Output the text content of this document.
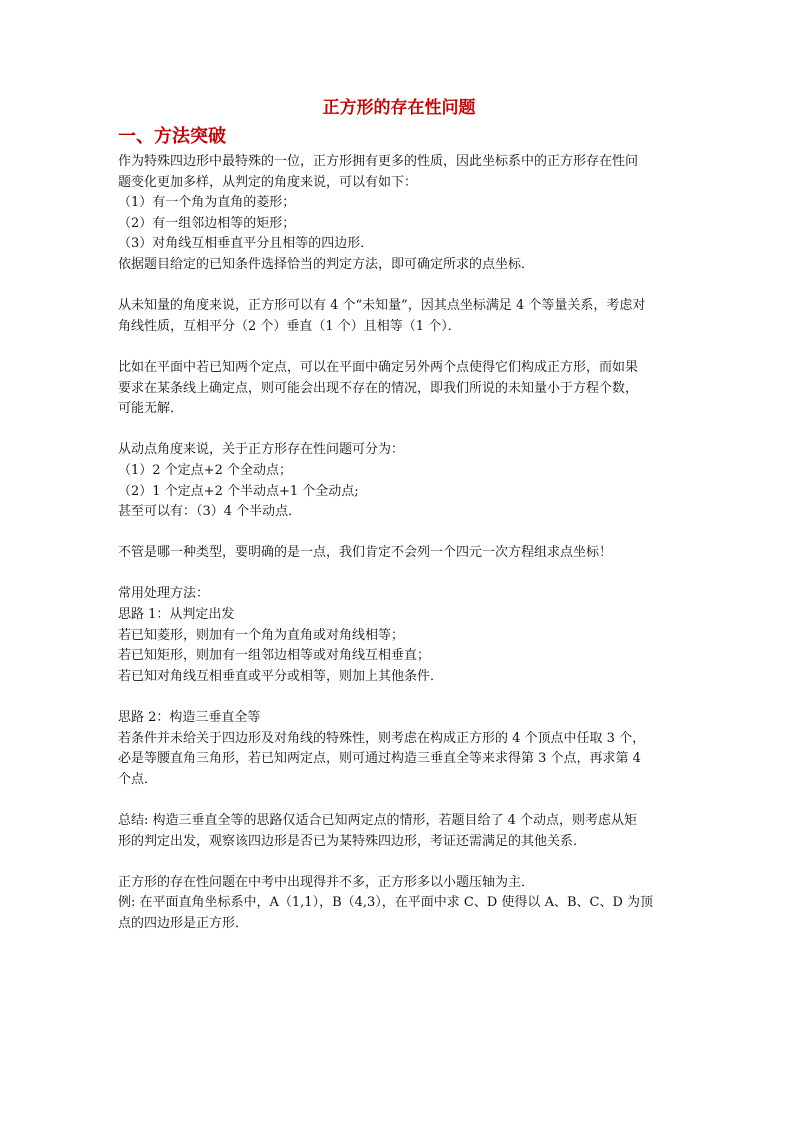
正方形的存在性问题
一、方法突破

作为特殊四边形中最特殊的一位，正方形拥有更多的性质，因此坐标系中的正方形存在性问
题变化更加多样，从判定的角度来说，可以有如下：
（1）有一个角为直角的菱形；
（2）有一组邻边相等的矩形；
（3）对角线互相垂直平分且相等的四边形．
依据题目给定的已知条件选择恰当的判定方法，即可确定所求的点坐标．

从未知量的角度来说，正方形可以有 4 个“未知量”，因其点坐标满足 4 个等量关系，考虑对
角线性质，互相平分（2 个）垂直（1 个）且相等（1 个）．

比如在平面中若已知两个定点，可以在平面中确定另外两个点使得它们构成正方形，而如果
要求在某条线上确定点，则可能会出现不存在的情况，即我们所说的未知量小于方程个数，
可能无解．

从动点角度来说，关于正方形存在性问题可分为：
（1）2 个定点+2 个全动点；
（2）1 个定点+2 个半动点+1 个全动点;
甚至可以有：（3）4 个半动点．

不管是哪一种类型，要明确的是一点，我们肯定不会列一个四元一次方程组求点坐标！

常用处理方法：
思路 1：从判定出发
若已知菱形，则加有一个角为直角或对角线相等；
若已知矩形，则加有一组邻边相等或对角线互相垂直；
若已知对角线互相垂直或平分或相等，则加上其他条件．

思路 2：构造三垂直全等
若条件并未给关于四边形及对角线的特殊性，则考虑在构成正方形的 4 个顶点中任取 3 个，
必是等腰直角三角形，若已知两定点，则可通过构造三垂直全等来求得第 3 个点，再求第 4
个点．

总结: 构造三垂直全等的思路仅适合已知两定点的情形，若题目给了 4 个动点，则考虑从矩
形的判定出发，观察该四边形是否已为某特殊四边形，考证还需满足的其他关系．

正方形的存在性问题在中考中出现得并不多，正方形多以小题压轴为主．
例: 在平面直角坐标系中，A（1,1），B（4,3），在平面中求 C、D 使得以 A、B、C、D 为顶
点的四边形是正方形．
